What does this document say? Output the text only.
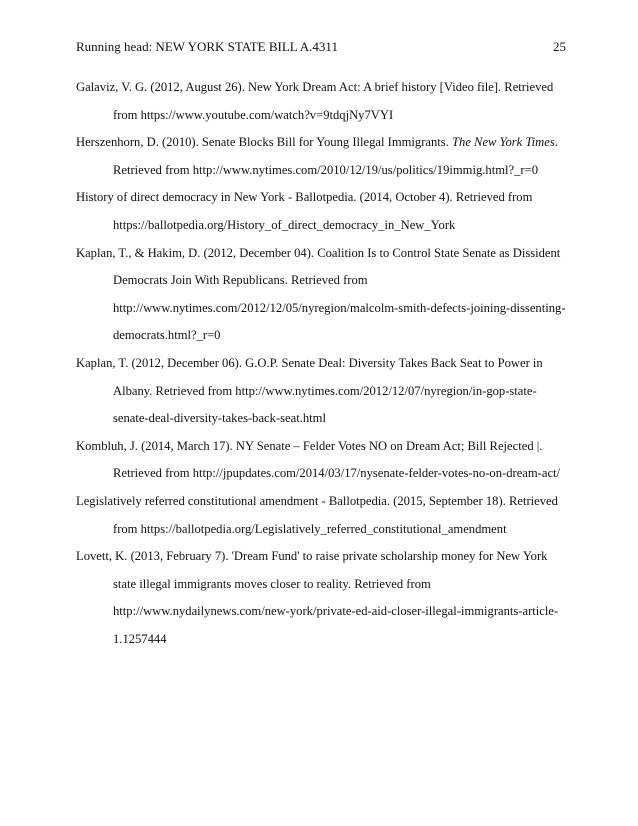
Running head: NEW YORK STATE BILL A.4311	25

Galaviz, V. G. (2012, August 26). New York Dream Act: A brief history [Video file]. Retrieved
from https://www.youtube.com/watch?v=9tdqjNy7VYI

Herszenhorn, D. (2010). Senate Blocks Bill for Young Illegal Immigrants. The New York Times.
Retrieved from http://www.nytimes.com/2010/12/19/us/politics/19immig.html?_r=0

History of direct democracy in New York - Ballotpedia. (2014, October 4). Retrieved from
https://ballotpedia.org/History_of_direct_democracy_in_New_York

Kaplan, T., & Hakim, D. (2012, December 04). Coalition Is to Control State Senate as Dissident
Democrats Join With Republicans. Retrieved from
http://www.nytimes.com/2012/12/05/nyregion/malcolm-smith-defects-joining-dissenting-
democrats.html?_r=0

Kaplan, T. (2012, December 06). G.O.P. Senate Deal: Diversity Takes Back Seat to Power in
Albany. Retrieved from http://www.nytimes.com/2012/12/07/nyregion/in-gop-state-
senate-deal-diversity-takes-back-seat.html

Kombluh, J. (2014, March 17). NY Senate – Felder Votes NO on Dream Act; Bill Rejected |.
Retrieved from http://jpupdates.com/2014/03/17/nysenate-felder-votes-no-on-dream-act/

Legislatively referred constitutional amendment - Ballotpedia. (2015, September 18). Retrieved
from https://ballotpedia.org/Legislatively_referred_constitutional_amendment

Lovett, K. (2013, February 7). 'Dream Fund' to raise private scholarship money for New York
state illegal immigrants moves closer to reality. Retrieved from
http://www.nydailynews.com/new-york/private-ed-aid-closer-illegal-immigrants-article-
1.1257444
